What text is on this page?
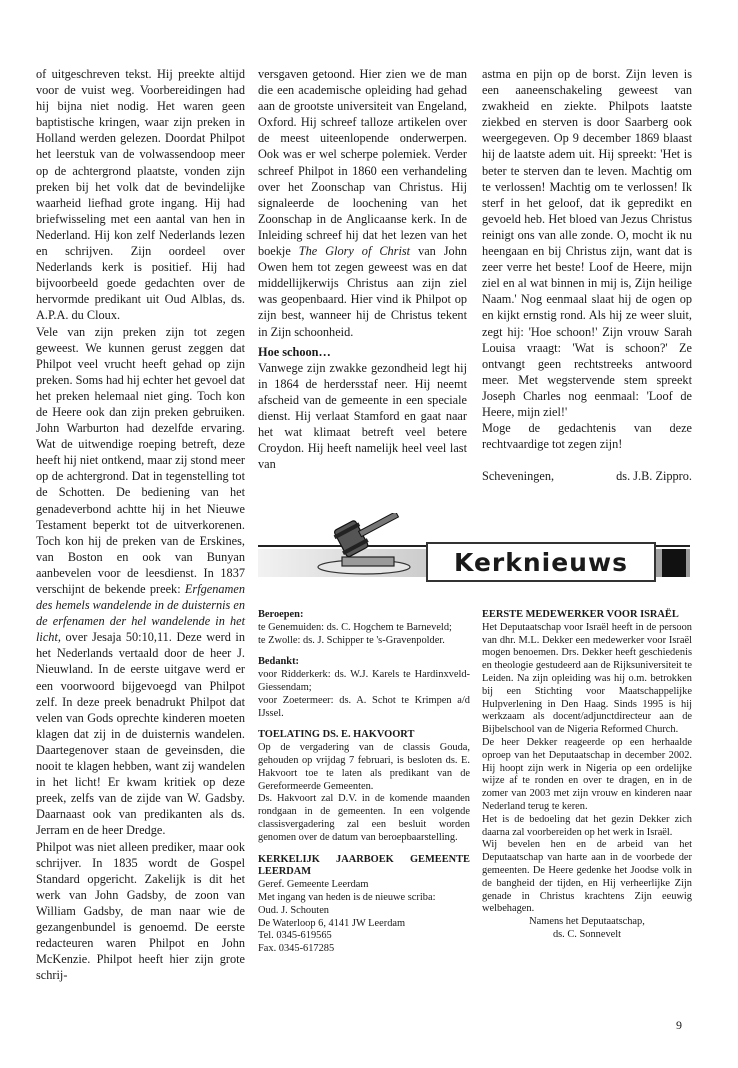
of uitgeschreven tekst. Hij preekte altijd voor de vuist weg. Voorbereidingen had hij bijna niet nodig. Het waren geen baptistische kringen, waar zijn preken in Holland werden gelezen. Doordat Philpot het leerstuk van de volwassendoop meer op de achtergrond plaatste, vonden zijn preken bij het volk dat de bevindelijke waarheid liefhad grote ingang. Hij had briefwisseling met een aantal van hen in Nederland. Hij kon zelf Nederlands lezen en schrijven. Zijn oordeel over Nederlands kerk is positief. Hij had bijvoorbeeld goede gedachten over de hervormde predikant uit Oud Alblas, ds. A.P.A. du Cloux.

Vele van zijn preken zijn tot zegen geweest. We kunnen gerust zeggen dat Philpot veel vrucht heeft gehad op zijn preken. Soms had hij echter het gevoel dat het preken helemaal niet ging. Toch kon de Heere ook dan zijn preken gebruiken. John Warburton had dezelfde ervaring. Wat de uitwendige roeping betreft, deze heeft hij niet ontkend, maar zij stond meer op de achtergrond. Dat in tegenstelling tot de Schotten. De bediening van het genadeverbond achtte hij in het Nieuwe Testament beperkt tot de uitverkorenen. Toch kon hij de preken van de Erskines, van Boston en ook van Bunyan aanbevelen voor de leesdienst. In 1837 verschijnt de bekende preek: Erfgenamen des hemels wandelende in de duisternis en de erfenamen der hel wandelende in het licht, over Jesaja 50:10,11. Deze werd in het Nederlands vertaald door de heer J. Nieuwland. In de eerste uitgave werd er een voorwoord bijgevoegd van Philpot zelf. In deze preek benadrukt Philpot dat velen van Gods oprechte kinderen moeten klagen dat zij in de duisternis wandelen. Daartegenover staan de geveinsden, die nooit te klagen hebben, want zij wandelen in het licht! Er kwam kritiek op deze preek, zelfs van de zijde van W. Gadsby. Daarnaast ook van predikanten als ds. Jerram en de heer Dredge.

Philpot was niet alleen prediker, maar ook schrijver. In 1835 wordt de Gospel Standard opgericht. Zakelijk is dit het werk van John Gadsby, de zoon van William Gadsby, de man naar wie de gezangenbundel is genoemd. De eerste redacteuren waren Philpot en John McKenzie. Philpot heeft hier zijn grote schrij-

versgaven getoond. Hier zien we de man die een academische opleiding had gehad aan de grootste universiteit van Engeland, Oxford. Hij schreef talloze artikelen over de meest uiteenlopende onderwerpen. Ook was er wel scherpe polemiek. Verder schreef Philpot in 1860 een verhandeling over het Zoonschap van Christus. Hij signaleerde de loochening van het Zoonschap in de Anglicaanse kerk. In de Inleiding schreef hij dat het lezen van het boekje The Glory of Christ van John Owen hem tot zegen geweest was en dat middellijkerwijs Christus aan zijn ziel was geopenbaard. Hier vind ik Philpot op zijn best, wanneer hij de Christus tekent in Zijn schoonheid.

Hoe schoon…

Vanwege zijn zwakke gezondheid legt hij in 1864 de herdersstaf neer. Hij neemt afscheid van de gemeente in een speciale dienst. Hij verlaat Stamford en gaat naar het wat klimaat betreft veel betere Croydon. Hij heeft namelijk heel veel last van

astma en pijn op de borst. Zijn leven is een aaneenschakeling geweest van zwakheid en ziekte. Philpots laatste ziekbed en sterven is door Saarberg ook weergegeven. Op 9 december 1869 blaast hij de laatste adem uit. Hij spreekt: 'Het is beter te sterven dan te leven. Machtig om te verlossen! Machtig om te verlossen! Ik sterf in het geloof, dat ik gepredikt en gevoeld heb. Het bloed van Jezus Christus reinigt ons van alle zonde. O, mocht ik nu heengaan en bij Christus zijn, want dat is zeer verre het beste! Loof de Heere, mijn ziel en al wat binnen in mij is, Zijn heilige Naam.' Nog eenmaal slaat hij de ogen op en kijkt ernstig rond. Als hij ze weer sluit, zegt hij: 'Hoe schoon!' Zijn vrouw Sarah Louisa vraagt: 'Wat is schoon?' Ze ontvangt geen rechtstreeks antwoord meer. Met wegstervende stem spreekt Joseph Charles nog eenmaal: 'Loof de Heere, mijn ziel!'

Moge de gedachtenis van deze rechtvaardige tot zegen zijn!

Scheveningen,	ds. J.B. Zippro.
Kerknieuws
Beroepen:

te Genemuiden: ds. C. Hogchem te Barneveld;

te Zwolle: ds. J. Schipper te 's-Gravenpolder.

Bedankt:

voor Ridderkerk: ds. W.J. Karels te Hardinxveld-Giessendam;

voor Zoetermeer: ds. A. Schot te Krimpen a/d IJssel.

TOELATING DS. E. HAKVOORT

Op de vergadering van de classis Gouda, gehouden op vrijdag 7 februari, is besloten ds. E. Hakvoort toe te laten als predikant van de Gereformeerde Gemeenten.

Ds. Hakvoort zal D.V. in de komende maanden rondgaan in de gemeenten. In een volgende classisvergadering zal een besluit worden genomen over de datum van beroepbaarstelling.

KERKELIJK JAARBOEK GEMEENTE LEERDAM

Geref. Gemeente Leerdam

Met ingang van heden is de nieuwe scriba:

Oud. J. Schouten

De Waterloop 6, 4141 JW Leerdam

Tel. 0345-619565

Fax. 0345-617285

EERSTE MEDEWERKER VOOR ISRAËL

Het Deputaatschap voor Israël heeft in de persoon van dhr. M.L. Dekker een medewerker voor Israël mogen benoemen. Drs. Dekker heeft geschiedenis en theologie gestudeerd aan de Rijksuniversiteit te Leiden. Na zijn opleiding was hij o.m. betrokken bij een Stichting voor Maatschappelijke Hulpverlening in Den Haag. Sinds 1995 is hij werkzaam als docent/adjunctdirecteur aan de Bijbelschool van de Nigeria Reformed Church.

De heer Dekker reageerde op een herhaalde oproep van het Deputaatschap in december 2002. Hij hoopt zijn werk in Nigeria op een ordelijke wijze af te ronden en over te dragen, en in de zomer van 2003 met zijn vrouw en kinderen naar Nederland terug te keren.

Het is de bedoeling dat het gezin Dekker zich daarna zal voorbereiden op het werk in Israël.

Wij bevelen hen en de arbeid van het Deputaatschap van harte aan in de voorbede der gemeenten. De Heere gedenke het Joodse volk in de bangheid der tijden, en Hij verheerlijke Zijn genade in Christus krachtens Zijn eeuwig welbehagen.

Namens het Deputaatschap,

ds. C. Sonnevelt

9
